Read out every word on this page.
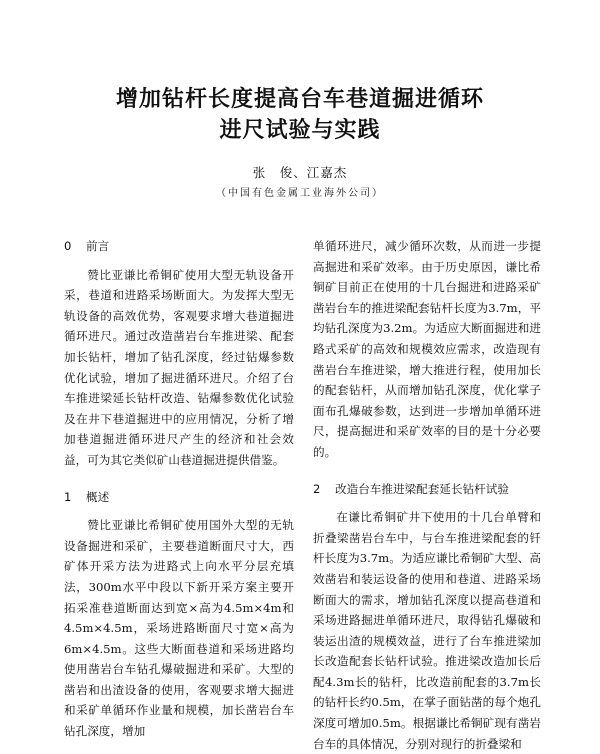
增加钻杆长度提高台车巷道掘进循环
进尺试验与实践
张　俊、江嘉杰
（中国有色金属工业海外公司）
0 前言

赞比亚谦比希铜矿使用大型无轨设备开采，巷道和进路采场断面大。为发挥大型无轨设备的高效优势，客观要求增大巷道掘进循环进尺。通过改造凿岩台车推进梁、配套加长钻杆，增加了钻孔深度，经过钻爆参数优化试验，增加了掘进循环进尺。介绍了台车推进梁延长钻杆改造、钻爆参数优化试验及在井下巷道掘进中的应用情况，分析了增加巷道掘进循环进尺产生的经济和社会效益，可为其它类似矿山巷道掘进提供借鉴。

1 概述

赞比亚谦比希铜矿使用国外大型的无轨设备掘进和采矿，主要巷道断面尺寸大，西矿体开采方法为进路式上向水平分层充填法，300m水平中段以下新开采方案主要开拓采准巷道断面达到宽×高为4.5m×4m和4.5m×4.5m，采场进路断面尺寸宽×高为6m×4.5m。这些大断面巷道和采场进路均使用凿岩台车钻孔爆破掘进和采矿。大型的凿岩和出渣设备的使用，客观要求增大掘进和采矿单循环作业量和规模，加长凿岩台车钻孔深度，增加

单循环进尺，减少循环次数，从而进一步提高掘进和采矿效率。由于历史原因，谦比希铜矿目前正在使用的十几台掘进和进路采矿凿岩台车的推进梁配套钻杆长度为3.7m，平均钻孔深度为3.2m。为适应大断面掘进和进路式采矿的高效和规模效应需求，改造现有凿岩台车推进梁，增大推进行程，使用加长的配套钻杆，从而增加钻孔深度，优化掌子面布孔爆破参数，达到进一步增加单循环进尺，提高掘进和采矿效率的目的是十分必要的。

2 改造台车推进梁配套延长钻杆试验

在谦比希铜矿井下使用的十几台单臂和折叠梁凿岩台车中，与台车推进梁配套的钎杆长度为3.7m。为适应谦比希铜矿大型、高效凿岩和装运设备的使用和巷道、进路采场断面大的需求，增加钻孔深度以提高巷道和采场进路掘进单循环进尺，取得钻孔爆破和装运出渣的规模效益，进行了台车推进梁加长改造配套长钻杆试验。推进梁改造加长后配4.3m长的钻杆，比改造前配套的3.7m长的钻杆长约0.5m，在掌子面钻凿的每个炮孔深度可增加0.5m。根据谦比希铜矿现有凿岩台车的具体情况，分别对现行的折叠梁和
